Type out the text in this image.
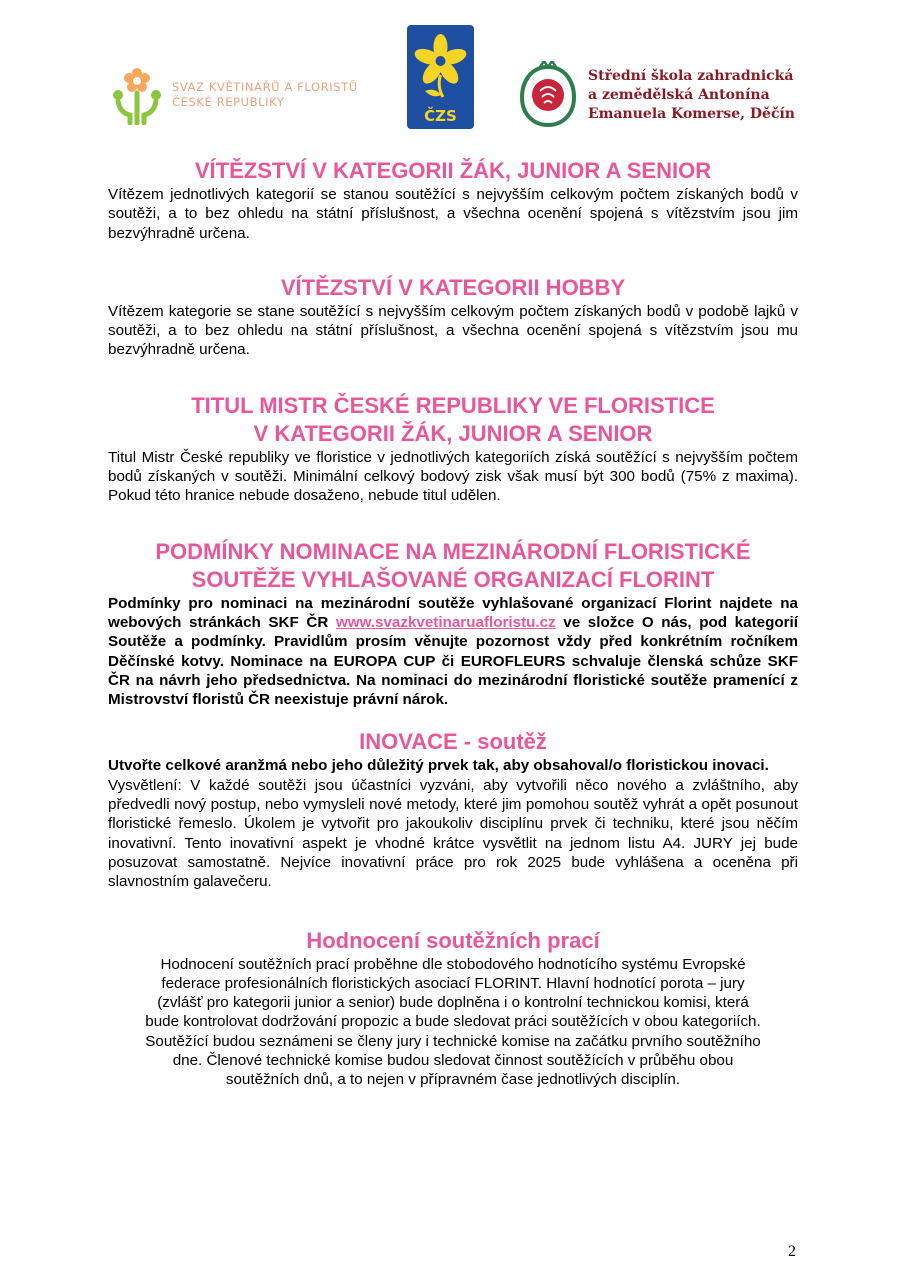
SVAZ KVĚTINÁŘŮ A FLORISTŮ
ČESKÉ REPUBLIKY
ČZS
Střední škola zahradnická
a zemědělská Antonína
Emanuela Komerse, Děčín
VÍTĚZSTVÍ V KATEGORII ŽÁK, JUNIOR A SENIOR

Vítězem jednotlivých kategorií se stanou soutěžící s nejvyšším celkovým počtem získaných bodů v soutěži, a to bez ohledu na státní příslušnost, a všechna ocenění spojená s vítězstvím jsou jim bezvýhradně určena.

VÍTĚZSTVÍ V KATEGORII HOBBY

Vítězem kategorie se stane soutěžící s nejvyšším celkovým počtem získaných bodů v podobě lajků v soutěži, a to bez ohledu na státní příslušnost, a všechna ocenění spojená s vítězstvím jsou mu bezvýhradně určena.

TITUL MISTR ČESKÉ REPUBLIKY VE FLORISTICE
V KATEGORII ŽÁK, JUNIOR A SENIOR

Titul Mistr České republiky ve floristice v jednotlivých kategoriích získá soutěžící s nejvyšším počtem bodů získaných v soutěži. Minimální celkový bodový zisk však musí být 300 bodů (75% z maxima). Pokud této hranice nebude dosaženo, nebude titul udělen.

PODMÍNKY NOMINACE NA MEZINÁRODNÍ FLORISTICKÉ
SOUTĚŽE VYHLAŠOVANÉ ORGANIZACÍ FLORINT

Podmínky pro nominaci na mezinárodní soutěže vyhlašované organizací Florint najdete na webových stránkách SKF ČR www.svazkvetinaruafloristu.cz ve složce O nás, pod kategorií Soutěže a podmínky. Pravidlům prosím věnujte pozornost vždy před konkrétním ročníkem Děčínské kotvy. Nominace na EUROPA CUP či EUROFLEURS schvaluje členská schůze SKF ČR na návrh jeho předsednictva. Na nominaci do mezinárodní floristické soutěže pramenící z Mistrovství floristů ČR neexistuje právní nárok.

INOVACE - soutěž

Utvořte celkové aranžmá nebo jeho důležitý prvek tak, aby obsahoval/o floristickou inovaci.

Vysvětlení: V každé soutěži jsou účastníci vyzváni, aby vytvořili něco nového a zvláštního, aby předvedli nový postup, nebo vymysleli nové metody, které jim pomohou soutěž vyhrát a opět posunout floristické řemeslo. Úkolem je vytvořit pro jakoukoliv disciplínu prvek či techniku, které jsou něčím inovativní. Tento inovativní aspekt je vhodné krátce vysvětlit na jednom listu A4. JURY jej bude posuzovat samostatně. Nejvíce inovativní práce pro rok 2025 bude vyhlášena a oceněna při slavnostním galavečeru.

Hodnocení soutěžních prací

Hodnocení soutěžních prací proběhne dle stobodového hodnotícího systému Evropské
federace profesionálních floristických asociací FLORINT. Hlavní hodnotící porota – jury
(zvlášť pro kategorii junior a senior) bude doplněna i o kontrolní technickou komisi, která
bude kontrolovat dodržování propozic a bude sledovat práci soutěžících v obou kategoriích.
Soutěžící budou seznámeni se členy jury i technické komise na začátku prvního soutěžního
dne. Členové technické komise budou sledovat činnost soutěžících v průběhu obou
soutěžních dnů, a to nejen v přípravném čase jednotlivých disciplín.

2
